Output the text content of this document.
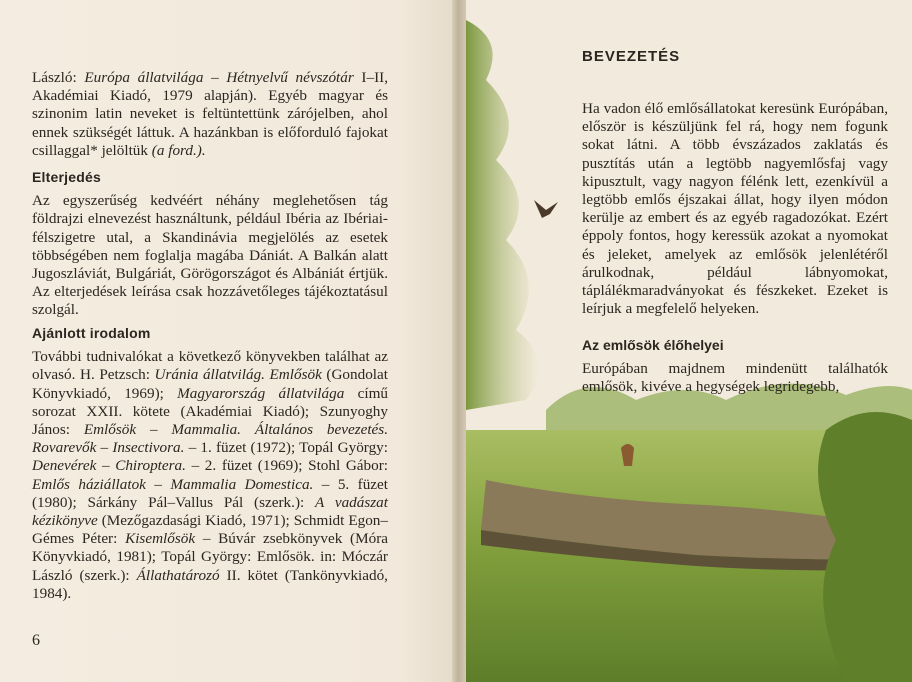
László: Európa állatvilága – Hétnyelvű névszótár I–II, Akadémiai Kiadó, 1979 alapján). Egyéb magyar és szinonim latin neveket is feltüntettünk zárójelben, ahol ennek szükségét láttuk. A hazánkban is előforduló fajokat csillaggal* jelöltük (a ford.).

Elterjedés

Az egyszerűség kedvéért néhány meglehetősen tág földrajzi elnevezést használtunk, például Ibéria az Ibériai-félszigetre utal, a Skandinávia megjelölés az esetek többségében nem foglalja magába Dániát. A Balkán alatt Jugoszláviát, Bulgáriát, Görögországot és Albániát értjük. Az elterjedések leírása csak hozzávetőleges tájékoztatásul szolgál.

Ajánlott irodalom

További tudnivalókat a következő könyvekben találhat az olvasó. H. Petzsch: Uránia állatvilág. Emlősök (Gondolat Könyvkiadó, 1969); Magyarország állatvilága című sorozat XXII. kötete (Akadémiai Kiadó); Szunyoghy János: Emlősök – Mammalia. Általános bevezetés. Rovarevők – Insectivora. – 1. füzet (1972); Topál György: Denevérek – Chiroptera. – 2. füzet (1969); Stohl Gábor: Emlős háziállatok – Mammalia Domestica. – 5. füzet (1980); Sárkány Pál–Vallus Pál (szerk.): A vadászat kézikönyve (Mezőgazdasági Kiadó, 1971); Schmidt Egon–Gémes Péter: Kisemlősök – Búvár zsebkönyvek (Móra Könyvkiadó, 1981); Topál György: Emlősök. in: Móczár László (szerk.): Állathatározó II. kötet (Tankönyvkiadó, 1984).

6
BEVEZETÉS

Ha vadon élő emlősállatokat keresünk Európában, először is készüljünk fel rá, hogy nem fogunk sokat látni. A több évszázados zaklatás és pusztítás után a legtöbb nagyemlősfaj vagy kipusztult, vagy nagyon félénk lett, ezenkívül a legtöbb emlős éjszakai állat, hogy ilyen módon kerülje az embert és az egyéb ragadozókat. Ezért éppoly fontos, hogy keressük azokat a nyomokat és jeleket, amelyek az emlősök jelenlétéről árulkodnak, például lábnyomokat, táplálékmaradványokat és fészkeket. Ezeket is leírjuk a megfelelő helyeken.

Az emlősök élőhelyei

Európában majdnem mindenütt találhatók emlősök, kivéve a hegységek legridegebb,
